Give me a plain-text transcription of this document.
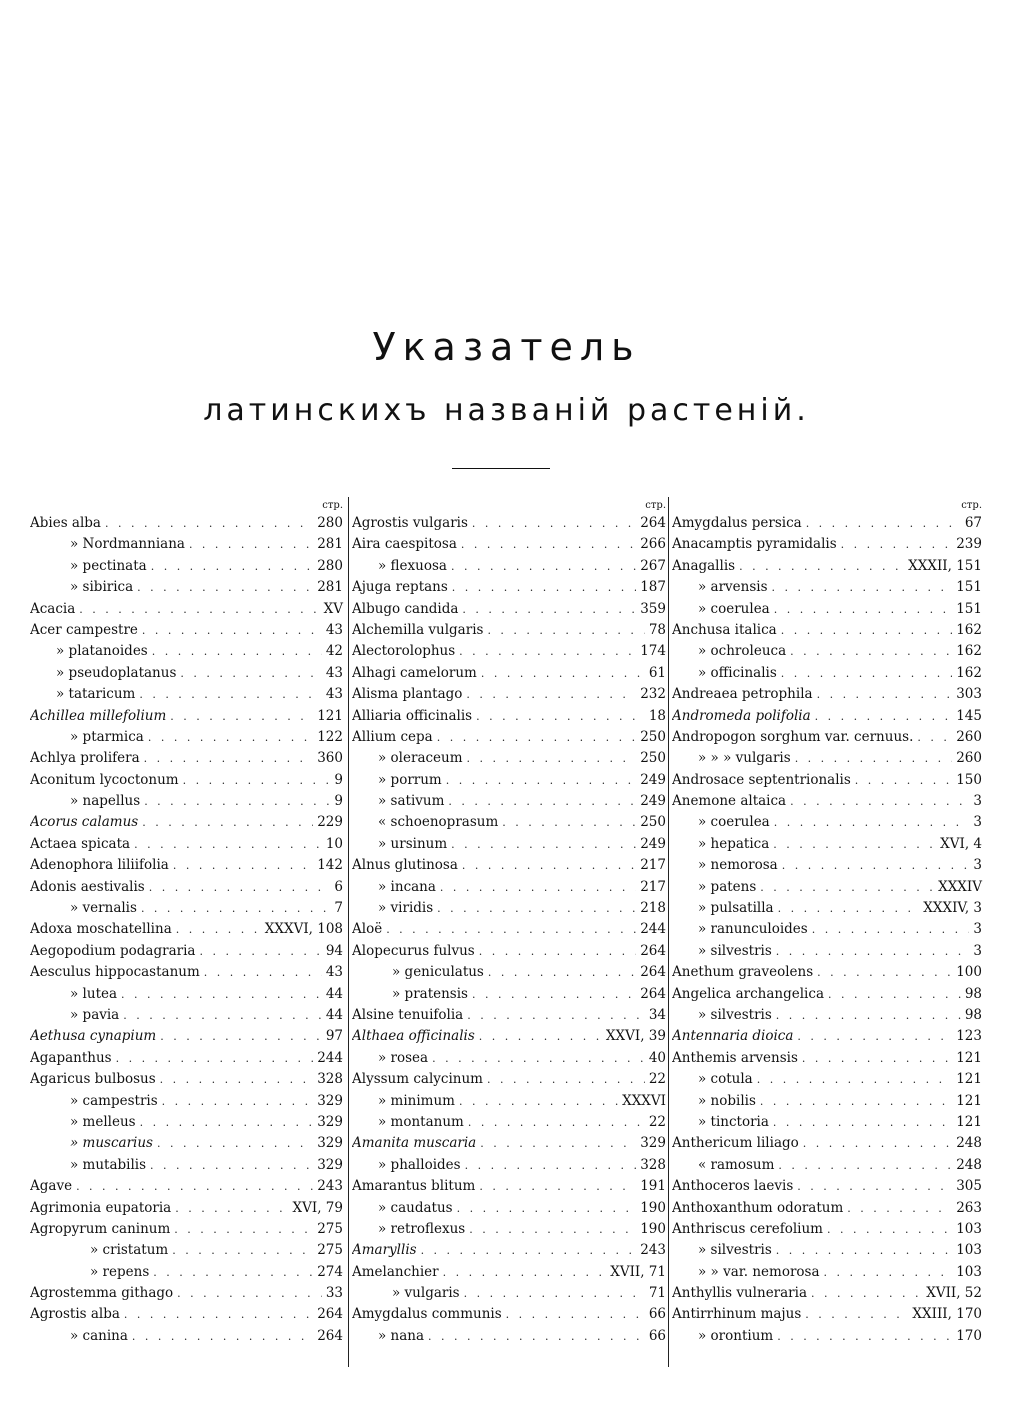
Указатель
латинскихъ названій растеній.
стр.
Abies alba . . .	280
» Nordmanniana . . .	281
» pectinata . . .	280
» sibirica . . .	281
Acacia . . .	XV
Acer campestre . . .	43
» platanoides . . .	42
» pseudoplatanus . . .	43
» tataricum . . .	43
Achillea millefolium . . .	121
» ptarmica . . .	122
Achlya prolifera . . .	360
Aconitum lycoctonum . . .	9
» napellus . . .	9
Acorus calamus . . .	229
Actaea spicata . . .	10
Adenophora liliifolia . . .	142
Adonis aestivalis . . .	6
» vernalis . . .	7
Adoxa moschatellina . . .	XXXVI, 108
Aegopodium podagraria . . .	94
Aesculus hippocastanum . . .	43
» lutea . . .	44
» pavia . . .	44
Aethusa cynapium . . .	97
Agapanthus . . .	244
Agaricus bulbosus . . .	328
» campestris . . .	329
» melleus . . .	329
» muscarius . . .	329
» mutabilis . . .	329
Agave . . .	243
Agrimonia eupatoria . . .	XVI, 79
Agropyrum caninum . . .	275
» cristatum . . .	275
» repens . . .	274
Agrostemma githago . . .	33
Agrostis alba . . .	264
» canina . . .	264
стр.
Agrostis vulgaris . . .	264
Aira caespitosa . . .	266
» flexuosa . . .	267
Ajuga reptans . . .	187
Albugo candida . . .	359
Alchemilla vulgaris . . .	78
Alectorolophus . . .	174
Alhagi camelorum . . .	61
Alisma plantago . . .	232
Alliaria officinalis . . .	18
Allium cepa . . .	250
» oleraceum . . .	250
» porrum . . .	249
» sativum . . .	249
« schoenoprasum . . .	250
» ursinum . . .	249
Alnus glutinosa . . .	217
» incana . . .	217
» viridis . . .	218
Aloë . . .	244
Alopecurus fulvus . . .	264
» geniculatus . . .	264
» pratensis . . .	264
Alsine tenuifolia . . .	34
Althaea officinalis . . .	XXVI, 39
» rosea . . .	40
Alyssum calycinum . . .	22
» minimum . . .	XXXVI
» montanum . . .	22
Amanita muscaria . . .	329
» phalloides . . .	328
Amarantus blitum . . .	191
» caudatus . . .	190
» retroflexus . . .	190
Amaryllis . . .	243
Amelanchier . . .	XVII, 71
» vulgaris . . .	71
Amygdalus communis . . .	66
» nana . . .	66
стр.
Amygdalus persica . . .	67
Anacamptis pyramidalis . . .	239
Anagallis . . .	XXXII, 151
» arvensis . . .	151
» coerulea . . .	151
Anchusa italica . . .	162
» ochroleuca . . .	162
» officinalis . . .	162
Andreaea petrophila . . .	303
Andromeda polifolia . . .	145
Andropogon sorghum var. cernuus. . . .	260
» » » vulgaris . . .	260
Androsace septentrionalis . . .	150
Anemone altaica . . .	3
» coerulea . . .	3
» hepatica . . .	XVI, 4
» nemorosa . . .	3
» patens . . .	XXXIV
» pulsatilla . . .	XXXIV, 3
» ranunculoides . . .	3
» silvestris . . .	3
Anethum graveolens . . .	100
Angelica archangelica . . .	98
» silvestris . . .	98
Antennaria dioica . . .	123
Anthemis arvensis . . .	121
» cotula . . .	121
» nobilis . . .	121
» tinctoria . . .	121
Anthericum liliago . . .	248
« ramosum . . .	248
Anthoceros laevis . . .	305
Anthoxanthum odoratum . . .	263
Anthriscus cerefolium . . .	103
» silvestris . . .	103
» » var. nemorosa . . .	103
Anthyllis vulneraria . . .	XVII, 52
Antirrhinum majus . . .	XXIII, 170
» orontium . . .	170
